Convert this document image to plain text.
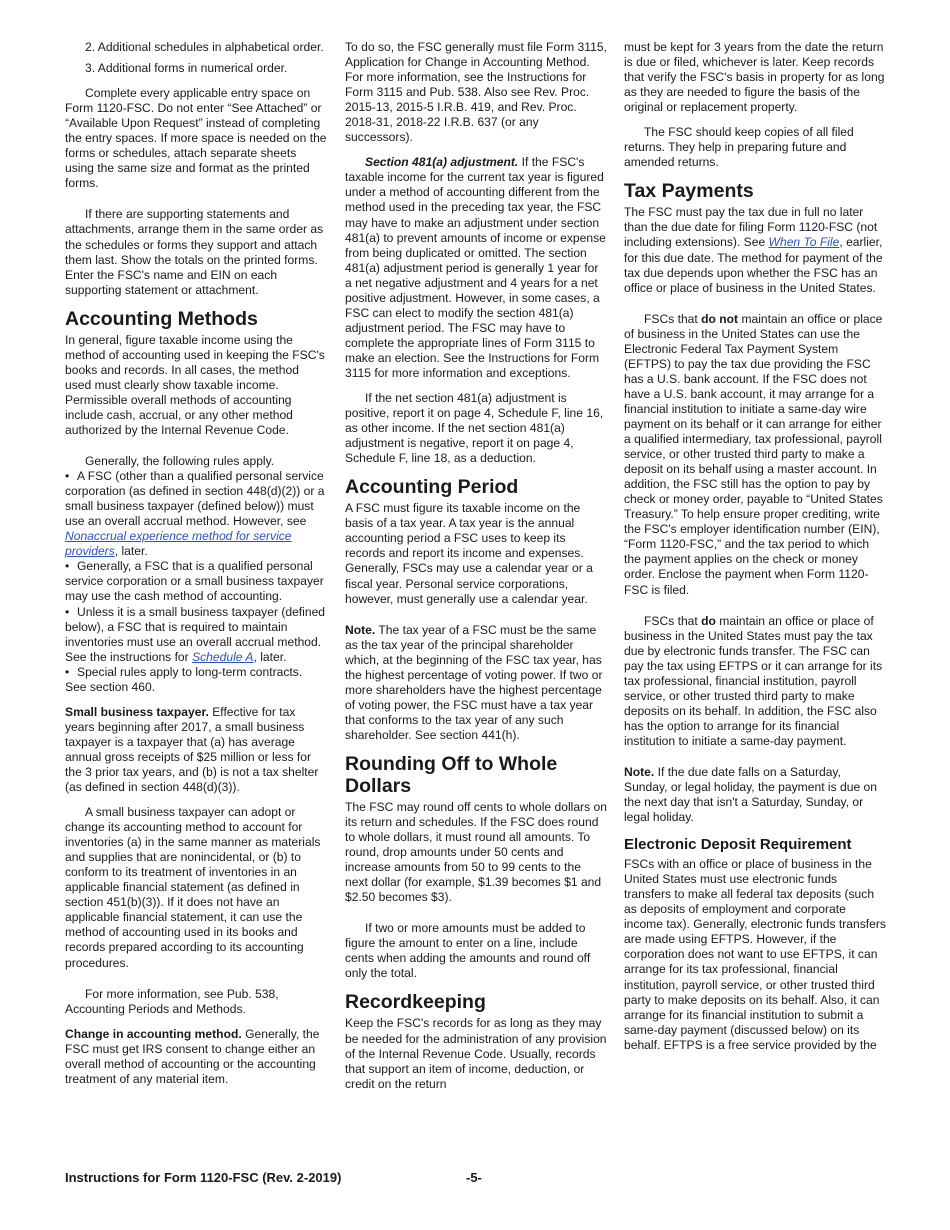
2. Additional schedules in alphabetical order.

3. Additional forms in numerical order.

Complete every applicable entry space on Form 1120-FSC. Do not enter “See Attached” or “Available Upon Request” instead of completing the entry spaces. If more space is needed on the forms or schedules, attach separate sheets using the same size and format as the printed forms.

If there are supporting statements and attachments, arrange them in the same order as the schedules or forms they support and attach them last. Show the totals on the printed forms. Enter the FSC's name and EIN on each supporting statement or attachment.

Accounting Methods

In general, figure taxable income using the method of accounting used in keeping the FSC's books and records. In all cases, the method used must clearly show taxable income. Permissible overall methods of accounting include cash, accrual, or any other method authorized by the Internal Revenue Code.

Generally, the following rules apply.

• A FSC (other than a qualified personal service corporation (as defined in section 448(d)(2)) or a small business taxpayer (defined below)) must use an overall accrual method. However, see Nonaccrual experience method for service providers, later.
• Generally, a FSC that is a qualified personal service corporation or a small business taxpayer may use the cash method of accounting.
• Unless it is a small business taxpayer (defined below), a FSC that is required to maintain inventories must use an overall accrual method. See the instructions for Schedule A, later.
• Special rules apply to long-term contracts. See section 460.

Small business taxpayer. Effective for tax years beginning after 2017, a small business taxpayer is a taxpayer that (a) has average annual gross receipts of $25 million or less for the 3 prior tax years, and (b) is not a tax shelter (as defined in section 448(d)(3)).

A small business taxpayer can adopt or change its accounting method to account for inventories (a) in the same manner as materials and supplies that are nonincidental, or (b) to conform to its treatment of inventories in an applicable financial statement (as defined in section 451(b)(3)). If it does not have an applicable financial statement, it can use the method of accounting used in its books and records prepared according to its accounting procedures.

For more information, see Pub. 538, Accounting Periods and Methods.

Change in accounting method. Generally, the FSC must get IRS consent to change either an overall method of accounting or the accounting treatment of any material item.

To do so, the FSC generally must file Form 3115, Application for Change in Accounting Method. For more information, see the Instructions for Form 3115 and Pub. 538. Also see Rev. Proc. 2015-13, 2015-5 I.R.B. 419, and Rev. Proc. 2018-31, 2018-22 I.R.B. 637 (or any successors).

Section 481(a) adjustment. If the FSC's taxable income for the current tax year is figured under a method of accounting different from the method used in the preceding tax year, the FSC may have to make an adjustment under section 481(a) to prevent amounts of income or expense from being duplicated or omitted. The section 481(a) adjustment period is generally 1 year for a net negative adjustment and 4 years for a net positive adjustment. However, in some cases, a FSC can elect to modify the section 481(a) adjustment period. The FSC may have to complete the appropriate lines of Form 3115 to make an election. See the Instructions for Form 3115 for more information and exceptions.

If the net section 481(a) adjustment is positive, report it on page 4, Schedule F, line 16, as other income. If the net section 481(a) adjustment is negative, report it on page 4, Schedule F, line 18, as a deduction.

Accounting Period

A FSC must figure its taxable income on the basis of a tax year. A tax year is the annual accounting period a FSC uses to keep its records and report its income and expenses. Generally, FSCs may use a calendar year or a fiscal year. Personal service corporations, however, must generally use a calendar year.

Note. The tax year of a FSC must be the same as the tax year of the principal shareholder which, at the beginning of the FSC tax year, has the highest percentage of voting power. If two or more shareholders have the highest percentage of voting power, the FSC must have a tax year that conforms to the tax year of any such shareholder. See section 441(h).

Rounding Off to Whole Dollars

The FSC may round off cents to whole dollars on its return and schedules. If the FSC does round to whole dollars, it must round all amounts. To round, drop amounts under 50 cents and increase amounts from 50 to 99 cents to the next dollar (for example, $1.39 becomes $1 and $2.50 becomes $3).

If two or more amounts must be added to figure the amount to enter on a line, include cents when adding the amounts and round off only the total.

Recordkeeping

Keep the FSC's records for as long as they may be needed for the administration of any provision of the Internal Revenue Code. Usually, records that support an item of income, deduction, or credit on the return

must be kept for 3 years from the date the return is due or filed, whichever is later. Keep records that verify the FSC's basis in property for as long as they are needed to figure the basis of the original or replacement property.

The FSC should keep copies of all filed returns. They help in preparing future and amended returns.

Tax Payments

The FSC must pay the tax due in full no later than the due date for filing Form 1120-FSC (not including extensions). See When To File, earlier, for this due date. The method for payment of the tax due depends upon whether the FSC has an office or place of business in the United States.

FSCs that do not maintain an office or place of business in the United States can use the Electronic Federal Tax Payment System (EFTPS) to pay the tax due providing the FSC has a U.S. bank account. If the FSC does not have a U.S. bank account, it may arrange for a financial institution to initiate a same-day wire payment on its behalf or it can arrange for either a qualified intermediary, tax professional, payroll service, or other trusted third party to make a deposit on its behalf using a master account. In addition, the FSC still has the option to pay by check or money order, payable to “United States Treasury.” To help ensure proper crediting, write the FSC's employer identification number (EIN), “Form 1120-FSC,” and the tax period to which the payment applies on the check or money order. Enclose the payment when Form 1120-FSC is filed.

FSCs that do maintain an office or place of business in the United States must pay the tax due by electronic funds transfer. The FSC can pay the tax using EFTPS or it can arrange for its tax professional, financial institution, payroll service, or other trusted third party to make deposits on its behalf. In addition, the FSC also has the option to arrange for its financial institution to initiate a same-day payment.

Note. If the due date falls on a Saturday, Sunday, or legal holiday, the payment is due on the next day that isn't a Saturday, Sunday, or legal holiday.

Electronic Deposit Requirement

FSCs with an office or place of business in the United States must use electronic funds transfers to make all federal tax deposits (such as deposits of employment and corporate income tax). Generally, electronic funds transfers are made using EFTPS. However, if the corporation does not want to use EFTPS, it can arrange for its tax professional, financial institution, payroll service, or other trusted third party to make deposits on its behalf. Also, it can arrange for its financial institution to submit a same-day payment (discussed below) on its behalf. EFTPS is a free service provided by the

Instructions for Form 1120-FSC (Rev. 2-2019)	-5-
